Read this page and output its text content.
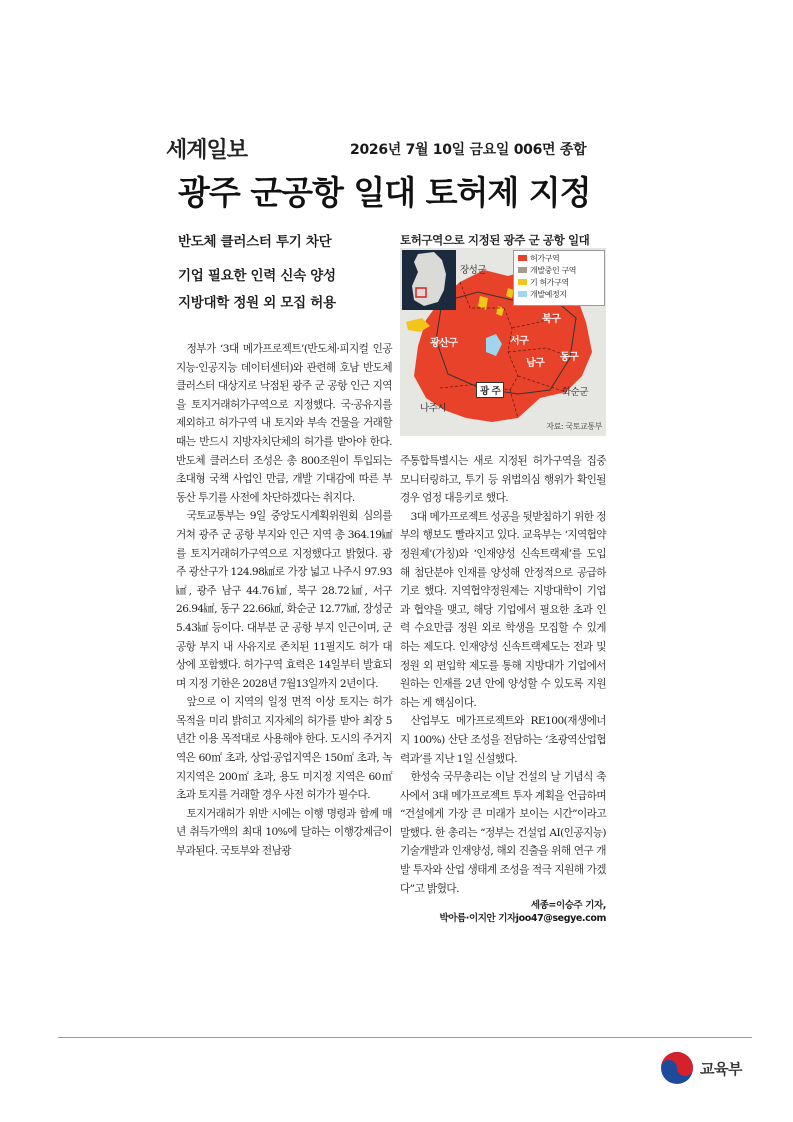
세계일보	2026년 7월 10일 금요일 006면 종합
광주 군공항 일대 토허제 지정
반도체 클러스터 투기 차단
기업 필요한 인력 신속 양성
지방대학 정원 외 모집 허용

정부가 ‘3대 메가프로젝트’(반도체·피지컬 인공지능·인공지능 데이터센터)와 관련해 호남 반도체 클러스터 대상지로 낙점된 광주 군 공항 인근 지역을 토지거래허가구역으로 지정했다. 국·공유지를 제외하고 허가구역 내 토지와 부속 건물을 거래할 때는 반드시 지방자치단체의 허가를 받아야 한다. 반도체 클러스터 조성은 총 800조원이 투입되는 초대형 국책 사업인 만큼, 개발 기대감에 따른 부동산 투기를 사전에 차단하겠다는 취지다.

국토교통부는 9일 중앙도시계획위원회 심의를 거쳐 광주 군 공항 부지와 인근 지역 총 364.19㎢를 토지거래허가구역으로 지정했다고 밝혔다. 광주 광산구가 124.98㎢로 가장 넓고 나주시 97.93㎢, 광주 남구 44.76㎢, 북구 28.72㎢, 서구 26.94㎢, 동구 22.66㎢, 화순군 12.77㎢, 장성군 5.43㎢ 등이다. 대부분 군 공항 부지 인근이며, 군 공항 부지 내 사유지로 존치된 11필지도 허가 대상에 포함했다. 허가구역 효력은 14일부터 발효되며 지정 기한은 2028년 7월13일까지 2년이다.

앞으로 이 지역의 일정 면적 이상 토지는 허가 목적을 미리 밝히고 지자체의 허가를 받아 최장 5년간 이용 목적대로 사용해야 한다. 도시의 주거지역은 60㎡ 초과, 상업·공업지역은 150㎡ 초과, 녹지지역은 200㎡ 초과, 용도 미지정 지역은 60㎡ 초과 토지를 거래할 경우 사전 허가가 필수다.

토지거래허가 위반 시에는 이행 명령과 함께 매년 취득가액의 최대 10%에 달하는 이행강제금이 부과된다. 국토부와 전남광

토허구역으로 지정된 광주 군 공항 일대
허가구역
개발중인 구역
기 허가구역
개발예정지
장성군
광산구
북구
서구
동구
남구
광 주
나주시
화순군
자료: 국토교통부

주통합특별시는 새로 지정된 허가구역을 집중 모니터링하고, 투기 등 위법의심 행위가 확인될 경우 엄정 대응키로 했다.

3대 메가프로젝트 성공을 뒷받침하기 위한 정부의 행보도 빨라지고 있다. 교육부는 ‘지역협약정원제’(가칭)와 ‘인재양성 신속트랙제’를 도입해 첨단분야 인재를 양성해 안정적으로 공급하기로 했다. 지역협약정원제는 지방대학이 기업과 협약을 맺고, 해당 기업에서 필요한 초과 인력 수요만큼 정원 외로 학생을 모집할 수 있게 하는 제도다. 인재양성 신속트랙제도는 전과 및 정원 외 편입학 제도를 통해 지방대가 기업에서 원하는 인재를 2년 안에 양성할 수 있도록 지원하는 게 핵심이다.

산업부도 메가프로젝트와 RE100(재생에너지 100%) 산단 조성을 전담하는 ‘초광역산업협력과’를 지난 1일 신설했다.

한성숙 국무총리는 이날 건설의 날 기념식 축사에서 3대 메가프로젝트 투자 계획을 언급하며 “건설에게 가장 큰 미래가 보이는 시간”이라고 말했다. 한 총리는 “정부는 건설업 AI(인공지능) 기술개발과 인재양성, 해외 진출을 위해 연구 개발 투자와 산업 생태계 조성을 적극 지원해 가겠다”고 밝혔다.

세종=이승주 기자,
박아름·이지안 기자joo47@segye.com
교육부
